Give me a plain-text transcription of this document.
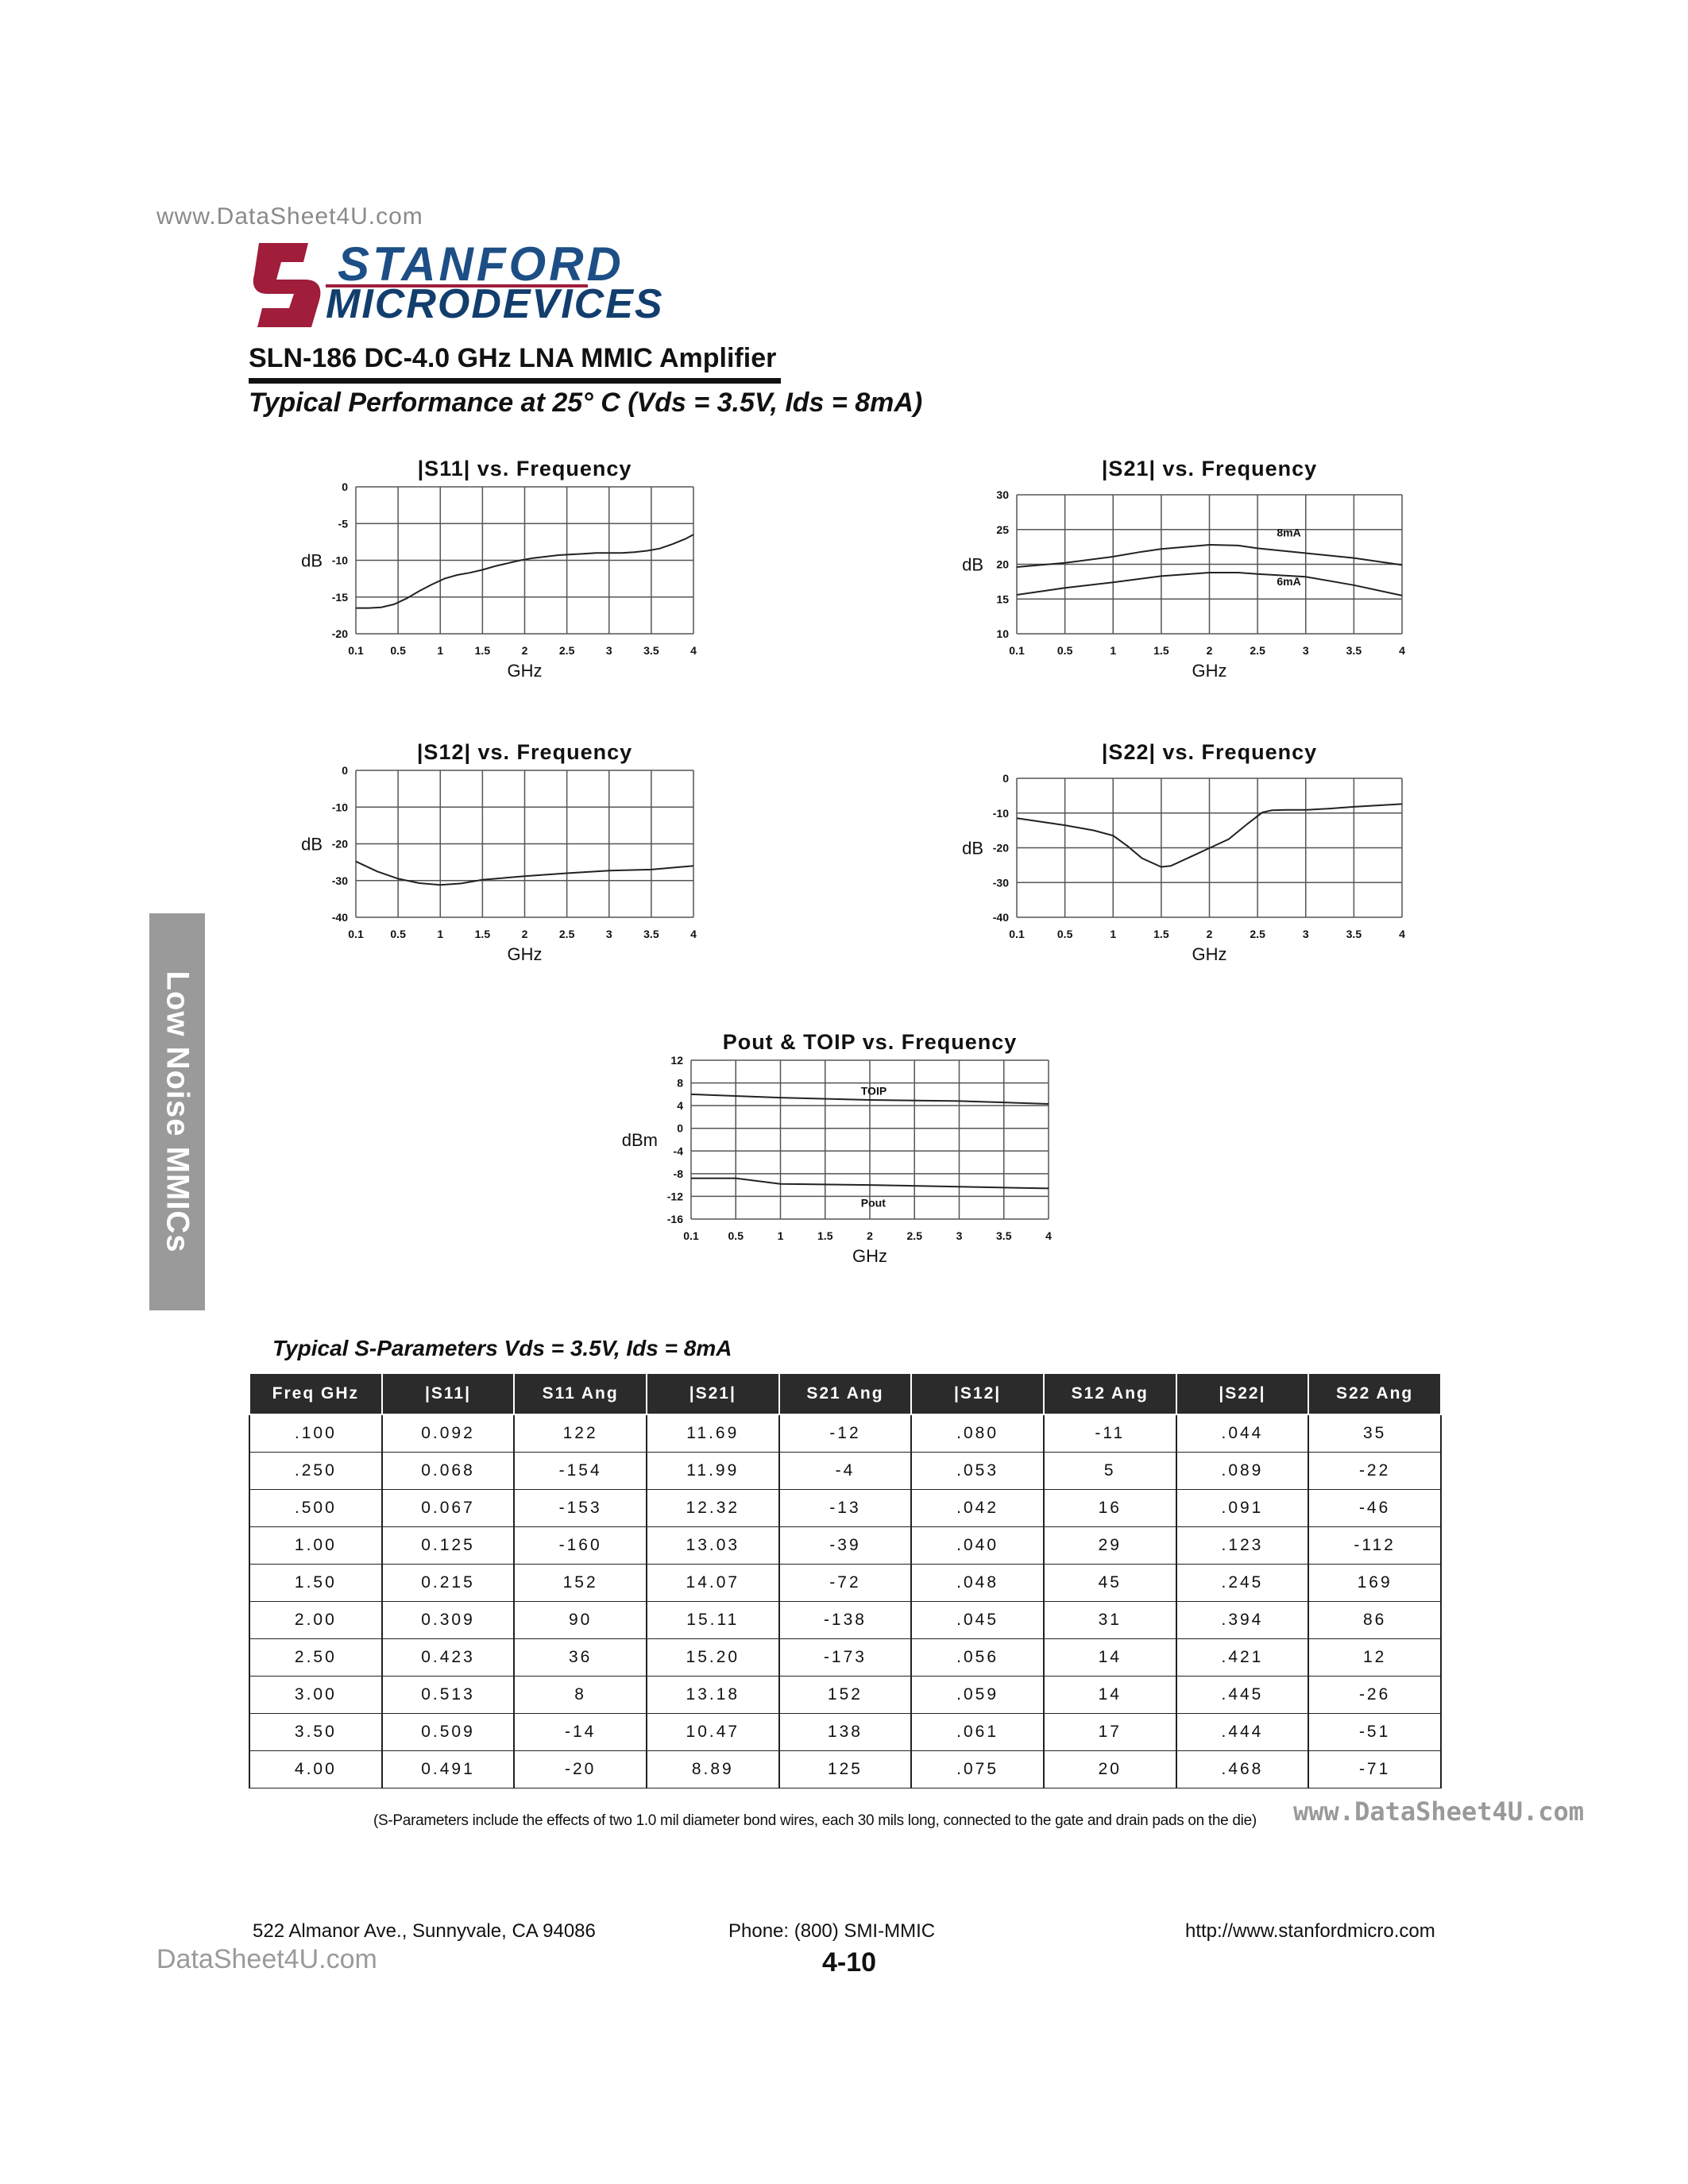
www.DataSheet4U.com
STANFORD
MICRODEVICES
SLN-186 DC-4.0 GHz LNA MMIC Amplifier
Typical Performance at 25° C (Vds = 3.5V, Ids = 8mA)
|S11| vs. Frequency
0
-5
-10
-15
-20
0.1 0.5	1	1.5	2	2.5	3	3.5	4
GHz
dB
|S21| vs. Frequency
30
25
20
15
10
0.1	0.5	1	1.5	2	2.5	3	3.5	4
GHz
dB
8mA
6mA
|S12| vs. Frequency
0
-10
-20
-30
-40
0.1 0.5	1	1.5	2	2.5	3	3.5	4
GHz
dB
|S22| vs. Frequency
0
-10
-20
-30
-40
0.1	0.5	1	1.5	2	2.5	3	3.5	4
GHz
dB
Pout & TOIP vs. Frequency
12
8
4
0
-4
-8
-12
-16
0.1	0.5	1	1.5	2	2.5	3	3.5	4
GHz
dBm
TOIP
Pout
Low Noise MMICs
Typical S-Parameters Vds = 3.5V, Ids = 8mA
Freq GHz	|S11|	S11 Ang	|S21|	S21 Ang	|S12|	S12 Ang	|S22|	S22 Ang
.100	0.092	122	11.69	-12	.080	-11	.044	35
.250	0.068	-154	11.99	-4	.053	5	.089	-22
.500	0.067	-153	12.32	-13	.042	16	.091	-46
1.00	0.125	-160	13.03	-39	.040	29	.123	-112
1.50	0.215	152	14.07	-72	.048	45	.245	169
2.00	0.309	90	15.11	-138	.045	31	.394	86
2.50	0.423	36	15.20	-173	.056	14	.421	12
3.00	0.513	8	13.18	152	.059	14	.445	-26
3.50	0.509	-14	10.47	138	.061	17	.444	-51
4.00	0.491	-20	8.89	125	.075	20	.468	-71
(S-Parameters include the effects of two 1.0 mil diameter bond wires, each 30 mils long, connected to the gate and drain pads on the die) www.DataSheet4U.com
522 Almanor Ave., Sunnyvale, CA 94086	Phone: (800) SMI-MMIC	http://www.stanfordmicro.com
DataSheet4U.com	4-10
